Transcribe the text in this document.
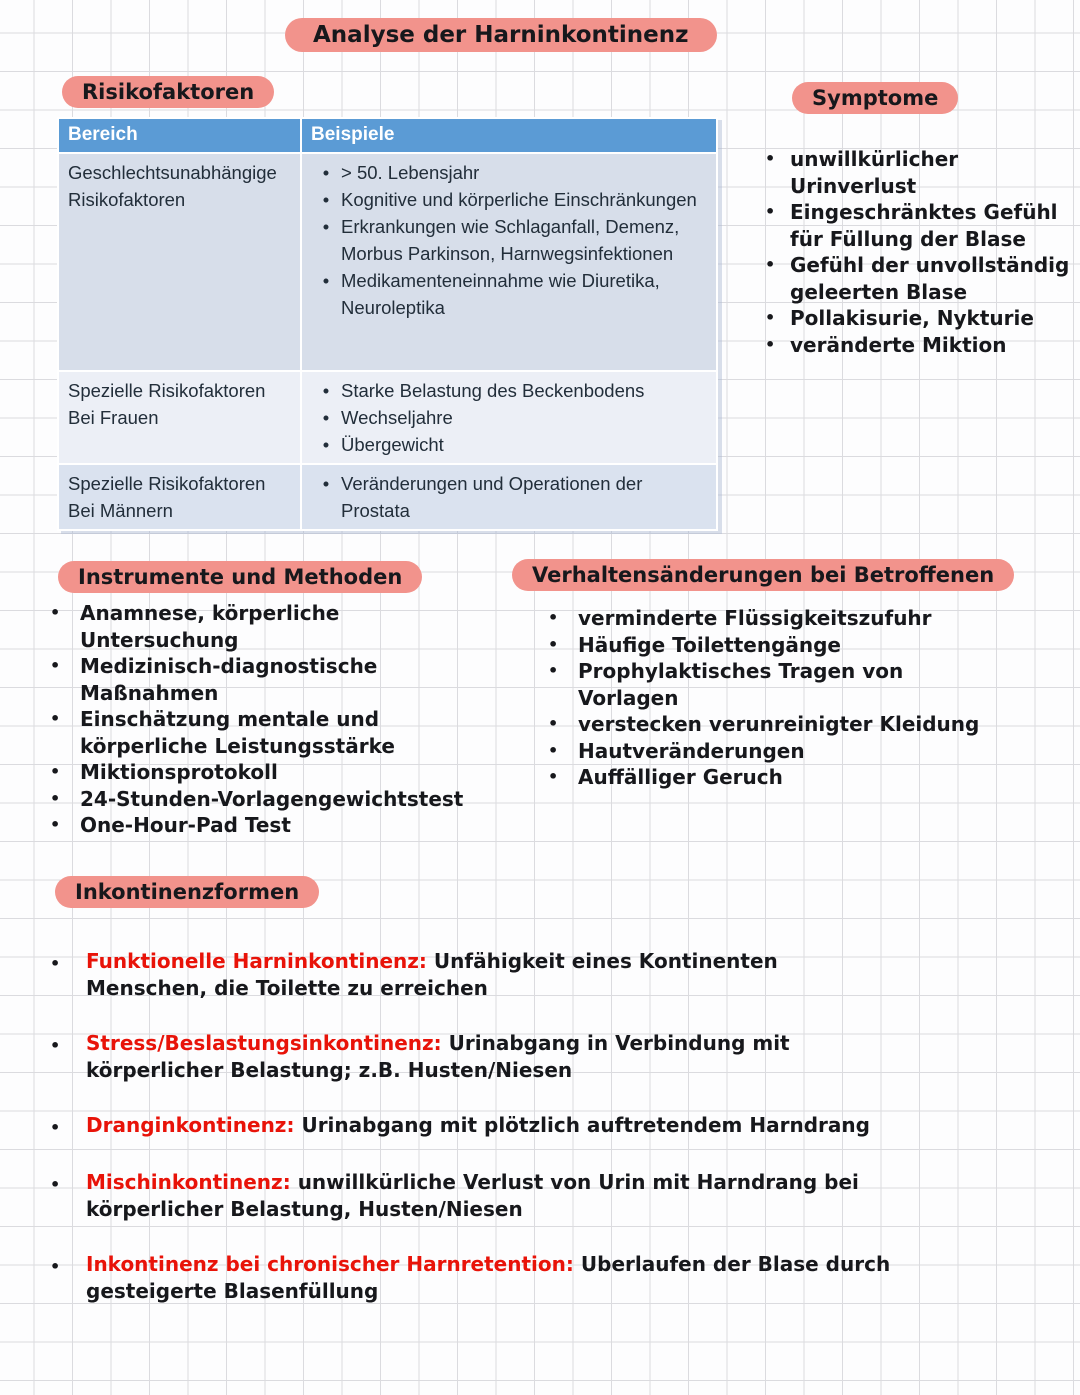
Analyse der Harninkontinenz
Risikofaktoren
Bereich	Beispiele
Geschlechtsunabhängige Risikofaktoren
• > 50. Lebensjahr
• Kognitive und körperliche Einschränkungen
• Erkrankungen wie Schlaganfall, Demenz, Morbus Parkinson, Harnwegsinfektionen
• Medikamenteneinnahme wie Diuretika, Neuroleptika
Spezielle Risikofaktoren Bei Frauen
• Starke Belastung des Beckenbodens
• Wechseljahre
• Übergewicht
Spezielle Risikofaktoren Bei Männern
• Veränderungen und Operationen der Prostata
Symptome
• unwillkürlicher Urinverlust
• Eingeschränktes Gefühl für Füllung der Blase
• Gefühl der unvollständig geleerten Blase
• Pollakisurie, Nykturie
• veränderte Miktion
Instrumente und Methoden
• Anamnese, körperliche Untersuchung
• Medizinisch-diagnostische Maßnahmen
• Einschätzung mentale und körperliche Leistungsstärke
• Miktionsprotokoll
• 24-Stunden-Vorlagengewichtstest
• One-Hour-Pad Test
Verhaltensänderungen bei Betroffenen
• verminderte Flüssigkeitszufuhr
• Häufige Toilettengänge
• Prophylaktisches Tragen von Vorlagen
• verstecken verunreinigter Kleidung
• Hautveränderungen
• Auffälliger Geruch
Inkontinenzformen
•	Funktionelle Harninkontinenz: Unfähigkeit eines Kontinenten Menschen, die Toilette zu erreichen
•	Stress/Beslastungsinkontinenz: Urinabgang in Verbindung mit körperlicher Belastung; z.B. Husten/Niesen
•	Dranginkontinenz: Urinabgang mit plötzlich auftretendem Harndrang
•	Mischinkontinenz: unwillkürliche Verlust von Urin mit Harndrang bei körperlicher Belastung, Husten/Niesen
•	Inkontinenz bei chronischer Harnretention: Uberlaufen der Blase durch gesteigerte Blasenfüllung
